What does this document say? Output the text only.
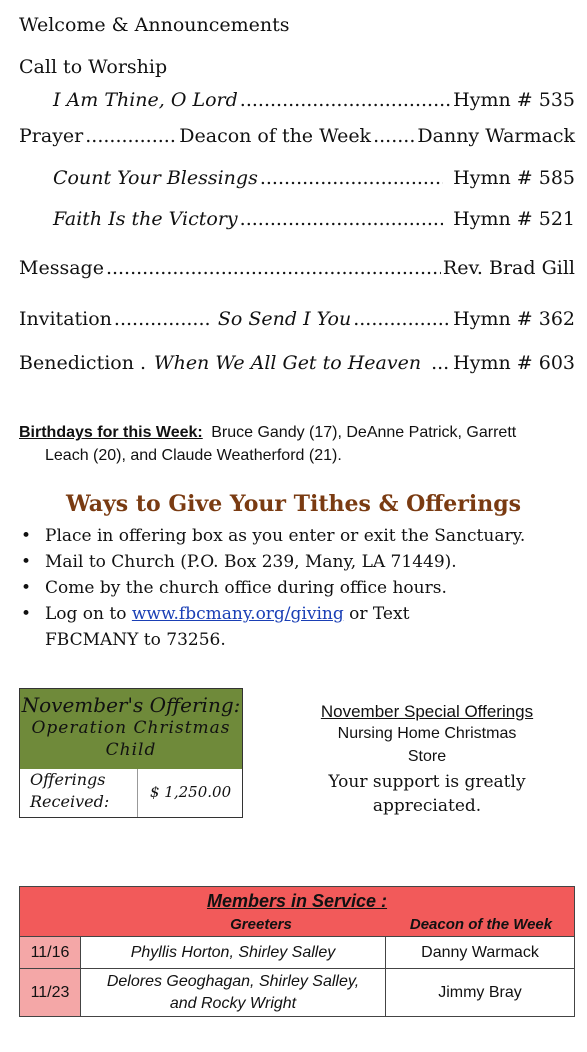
Welcome & Announcements
Call to Worship
I Am Thine, O Lord .....	Hymn # 535
Prayer .....	Deacon of the Week ..... Danny Warmack
Count Your Blessings .....	Hymn # 585
Faith Is the Victory .....	Hymn # 521
Message .....	Rev. Brad Gill
Invitation .....	So Send I You .....	Hymn # 362
Benediction . When We All Get to Heaven ..... Hymn # 603
Birthdays for this Week: Bruce Gandy (17), DeAnne Patrick, Garrett
Leach (20), and Claude Weatherford (21).
Ways to Give Your Tithes & Offerings
• Place in offering box as you enter or exit the Sanctuary.
• Mail to Church (P.O. Box 239, Many, LA 71449).
• Come by the church office during office hours.
• Log on to www.fbcmany.org/giving or Text
FBCMANY to 73256.
November's Offering:
Operation Christmas
Child
Offerings
Received:	$ 1,250.00
November Special Offerings
Nursing Home Christmas
Store
Your support is greatly
appreciated.
Members in Service :
Greeters Deacon of the Week		

11/16	Phyllis Horton, Shirley Salley	Danny Warmack
11/23	Delores Geoghagan, Shirley Salley,
and Rocky Wright	Jimmy Bray
